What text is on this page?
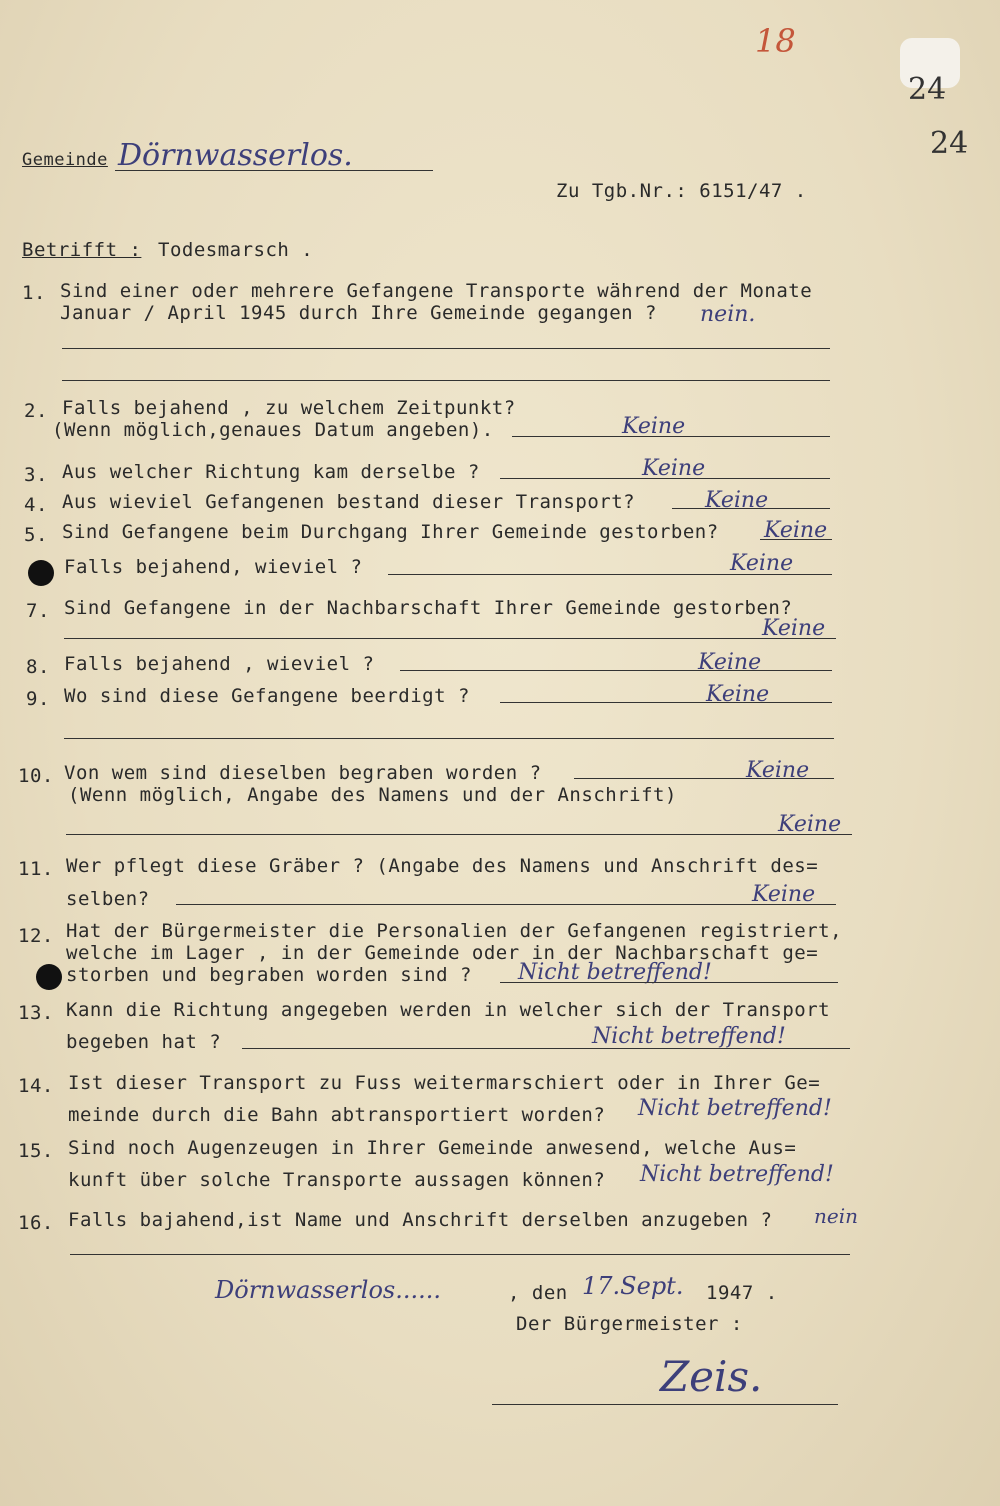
18
24
24
Gemeinde Dörnwasserlos.
Zu Tgb.Nr.: 6151/47 .
Betrifft : Todesmarsch .
1. Sind einer oder mehrere Gefangene Transporte während der Monate
Januar / April 1945 durch Ihre Gemeinde gegangen ? nein.
2. Falls bejahend , zu welchem Zeitpunkt?
(Wenn möglich,genaues Datum angeben).	Keine
3. Aus welcher Richtung kam derselbe ?	Keine
4. Aus wieviel Gefangenen bestand dieser Transport?	Keine
5. Sind Gefangene beim Durchgang Ihrer Gemeinde gestorben? Keine
Falls bejahend, wieviel ?	Keine
7. Sind Gefangene in der Nachbarschaft Ihrer Gemeinde gestorben?
Keine
8. Falls bejahend , wieviel ?	Keine
9. Wo sind diese Gefangene beerdigt ?	Keine
10. Von wem sind dieselben begraben worden ?
(Wenn möglich, Angabe des Namens und der Anschrift)
Keine
Keine
11. Wer pflegt diese Gräber ? (Angabe des Namens und Anschrift des=
selben?	Keine
12. Hat der Bürgermeister die Personalien der Gefangenen registriert,
welche im Lager , in der Gemeinde oder in der Nachbarschaft ge=
storben und begraben worden sind ? Nicht betreffend!
13. Kann die Richtung angegeben werden in welcher sich der Transport
begeben hat ?	Nicht betreffend!
14. Ist dieser Transport zu Fuss weitermarschiert oder in Ihrer Ge=
meinde durch die Bahn abtransportiert worden? Nicht betreffend!
15. Sind noch Augenzeugen in Ihrer Gemeinde anwesend, welche Aus=
kunft über solche Transporte aussagen können? Nicht betreffend!
16. Falls bajahend,ist Name und Anschrift derselben anzugeben ? nein
Dörnwasserlos......	, den 17.Sept. 1947 .
Der Bürgermeister :
Zeis.
